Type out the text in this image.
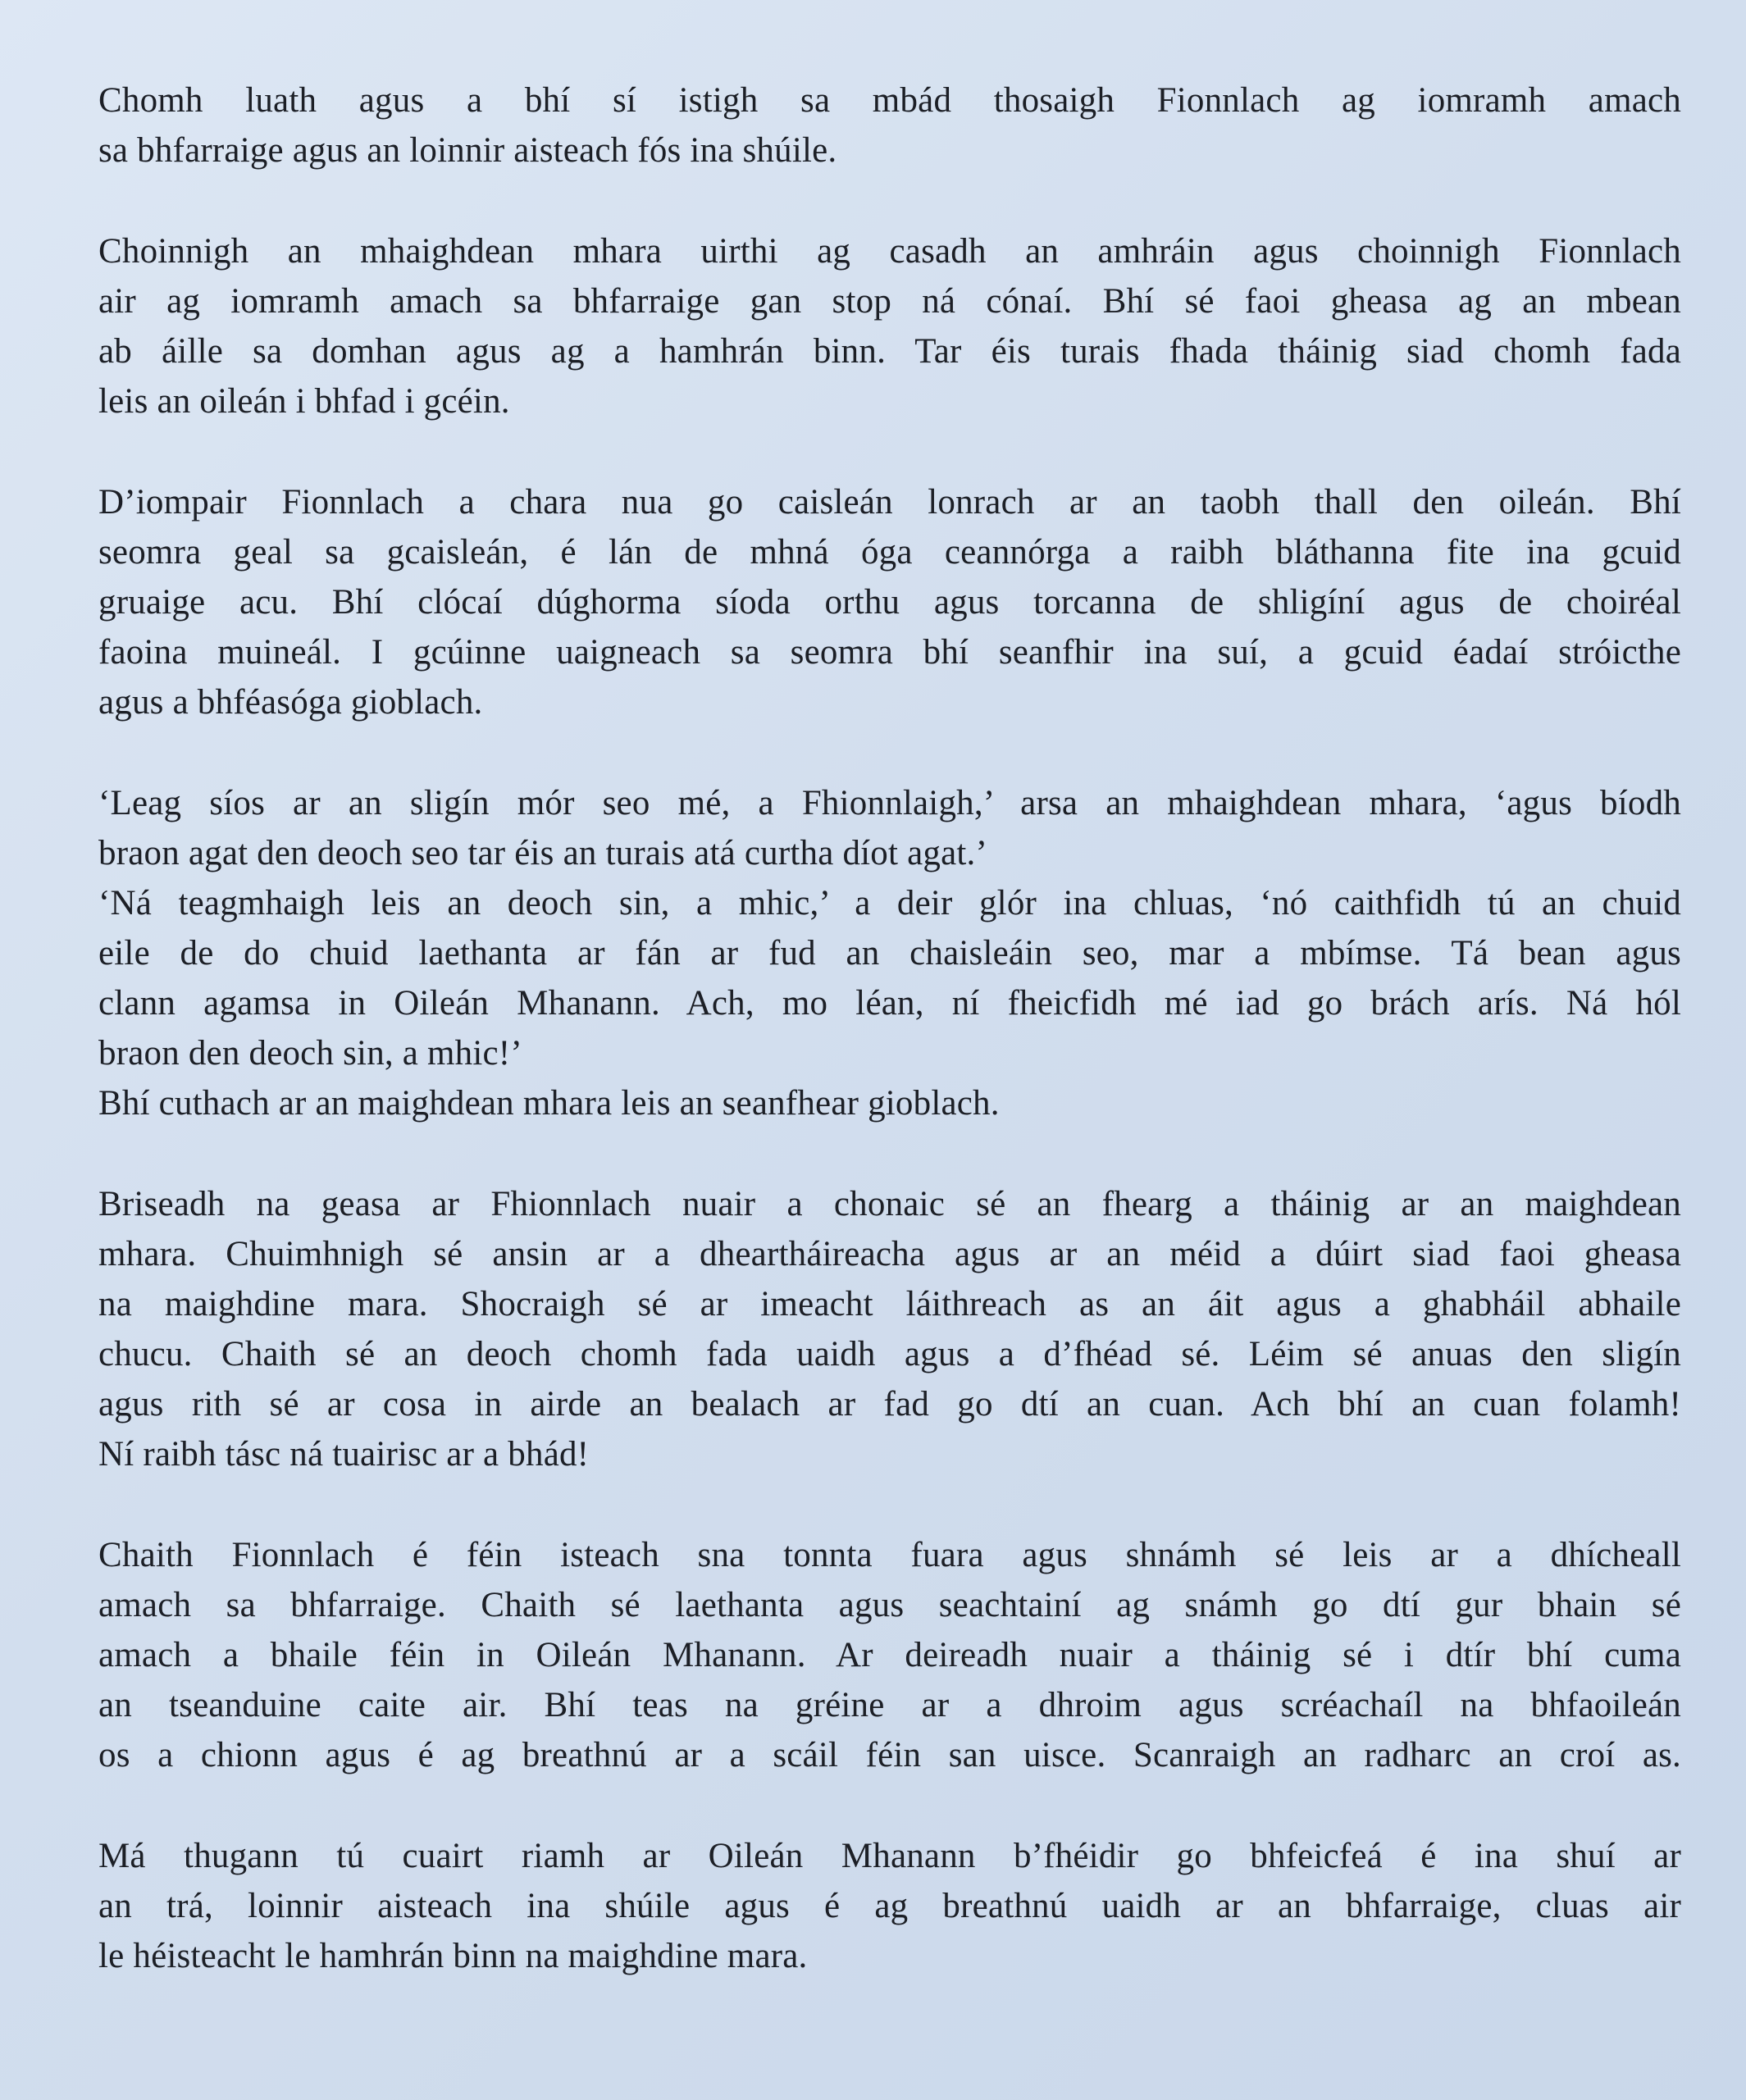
Chomh luath agus a bhí sí istigh sa mbád thosaigh Fionnlach ag iomramh amach
sa bhfarraige agus an loinnir aisteach fós ina shúile.
Choinnigh an mhaighdean mhara uirthi ag casadh an amhráin agus choinnigh Fionnlach
air ag iomramh amach sa bhfarraige gan stop ná cónaí. Bhí sé faoi gheasa ag an mbean
ab áille sa domhan agus ag a hamhrán binn. Tar éis turais fhada tháinig siad chomh fada
leis an oileán i bhfad i gcéin.
D’iompair Fionnlach a chara nua go caisleán lonrach ar an taobh thall den oileán. Bhí
seomra geal sa gcaisleán, é lán de mhná óga ceannórga a raibh bláthanna fite ina gcuid
gruaige acu. Bhí clócaí dúghorma síoda orthu agus torcanna de shligíní agus de choiréal
faoina muineál. I gcúinne uaigneach sa seomra bhí seanfhir ina suí, a gcuid éadaí stróicthe
agus a bhféasóga gioblach.
‘Leag síos ar an sligín mór seo mé, a Fhionnlaigh,’ arsa an mhaighdean mhara, ‘agus bíodh
braon agat den deoch seo tar éis an turais atá curtha díot agat.’
‘Ná teagmhaigh leis an deoch sin, a mhic,’ a deir glór ina chluas, ‘nó caithfidh tú an chuid
eile de do chuid laethanta ar fán ar fud an chaisleáin seo, mar a mbímse. Tá bean agus
clann agamsa in Oileán Mhanann. Ach, mo léan, ní fheicfidh mé iad go brách arís. Ná hól
braon den deoch sin, a mhic!’
Bhí cuthach ar an maighdean mhara leis an seanfhear gioblach.
Briseadh na geasa ar Fhionnlach nuair a chonaic sé an fhearg a tháinig ar an maighdean
mhara. Chuimhnigh sé ansin ar a dheartháireacha agus ar an méid a dúirt siad faoi gheasa
na maighdine mara. Shocraigh sé ar imeacht láithreach as an áit agus a ghabháil abhaile
chucu. Chaith sé an deoch chomh fada uaidh agus a d’fhéad sé. Léim sé anuas den sligín
agus rith sé ar cosa in airde an bealach ar fad go dtí an cuan. Ach bhí an cuan folamh!
Ní raibh tásc ná tuairisc ar a bhád!
Chaith Fionnlach é féin isteach sna tonnta fuara agus shnámh sé leis ar a dhícheall
amach sa bhfarraige. Chaith sé laethanta agus seachtainí ag snámh go dtí gur bhain sé
amach a bhaile féin in Oileán Mhanann. Ar deireadh nuair a tháinig sé i dtír bhí cuma
an tseanduine caite air. Bhí teas na gréine ar a dhroim agus scréachaíl na bhfaoileán
os a chionn agus é ag breathnú ar a scáil féin san uisce. Scanraigh an radharc an croí as.
Má thugann tú cuairt riamh ar Oileán Mhanann b’fhéidir go bhfeicfeá é ina shuí ar
an trá, loinnir aisteach ina shúile agus é ag breathnú uaidh ar an bhfarraige, cluas air
le héisteacht le hamhrán binn na maighdine mara.
